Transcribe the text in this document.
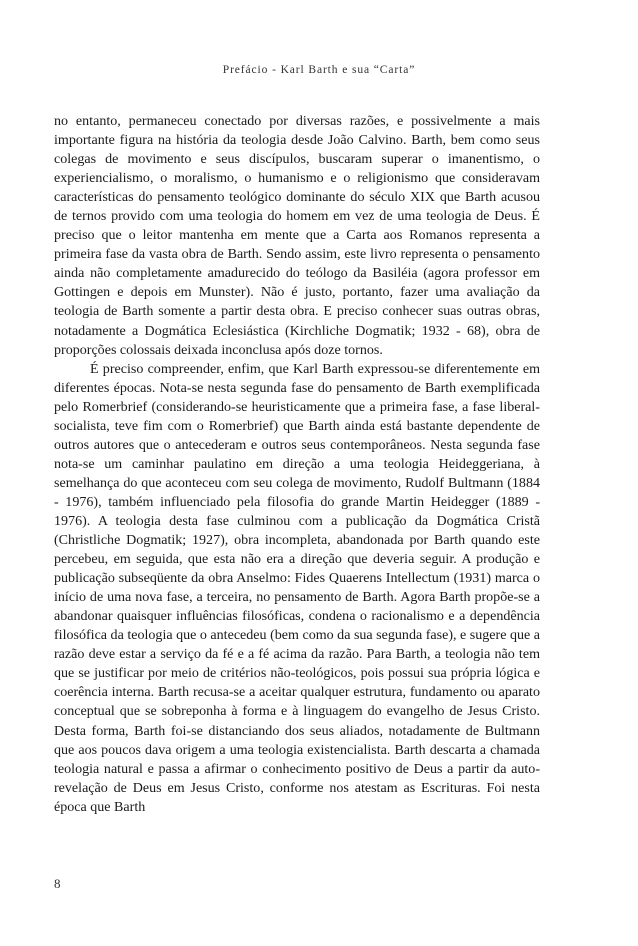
Prefácio - Karl Barth e sua “Carta”

no entanto, permaneceu conectado por diversas razões, e possivelmente a mais importante figura na história da teologia desde João Calvino. Barth, bem como seus colegas de movimento e seus discípulos, buscaram superar o imanentismo, o experiencialismo, o moralismo, o humanismo e o religionismo que consideravam características do pensamento teológico dominante do século XIX que Barth acusou de ternos provido com uma teologia do homem em vez de uma teologia de Deus. É preciso que o leitor mantenha em mente que a Carta aos Romanos representa a primeira fase da vasta obra de Barth. Sendo assim, este livro representa o pensamento ainda não completamente amadurecido do teólogo da Basiléia (agora professor em Gottingen e depois em Munster). Não é justo, portanto, fazer uma avaliação da teologia de Barth somente a partir desta obra. E preciso conhecer suas outras obras, notadamente a Dogmática Eclesiástica (Kirchliche Dogmatik; 1932 - 68), obra de proporções colossais deixada inconclusa após doze tornos.

É preciso compreender, enfim, que Karl Barth expressou-se diferentemente em diferentes épocas. Nota-se nesta segunda fase do pensamento de Barth exemplificada pelo Romerbrief (considerando-se heuristicamente que a primeira fase, a fase liberal-socialista, teve fim com o Romerbrief) que Barth ainda está bastante dependente de outros autores que o antecederam e outros seus contemporâneos. Nesta segunda fase nota-se um caminhar paulatino em direção a uma teologia Heideggeriana, à semelhança do que aconteceu com seu colega de movimento, Rudolf Bultmann (1884 - 1976), também influenciado pela filosofia do grande Martin Heidegger (1889 - 1976). A teologia desta fase culminou com a publicação da Dogmática Cristã (Christliche Dogmatik; 1927), obra incompleta, abandonada por Barth quando este percebeu, em seguida, que esta não era a direção que deveria seguir. A produção e publicação subseqüente da obra Anselmo: Fides Quaerens Intellectum (1931) marca o início de uma nova fase, a terceira, no pensamento de Barth. Agora Barth propõe-se a abandonar quaisquer influências filosóficas, condena o racionalismo e a dependência filosófica da teologia que o antecedeu (bem como da sua segunda fase), e sugere que a razão deve estar a serviço da fé e a fé acima da razão. Para Barth, a teologia não tem que se justificar por meio de critérios não-teológicos, pois possui sua própria lógica e coerência interna. Barth recusa-se a aceitar qualquer estrutura, fundamento ou aparato conceptual que se sobreponha à forma e à linguagem do evangelho de Jesus Cristo. Desta forma, Barth foi-se distanciando dos seus aliados, notadamente de Bultmann que aos poucos dava origem a uma teologia existencialista. Barth descarta a chamada teologia natural e passa a afirmar o conhecimento positivo de Deus a partir da auto-revelação de Deus em Jesus Cristo, conforme nos atestam as Escrituras. Foi nesta época que Barth

8
